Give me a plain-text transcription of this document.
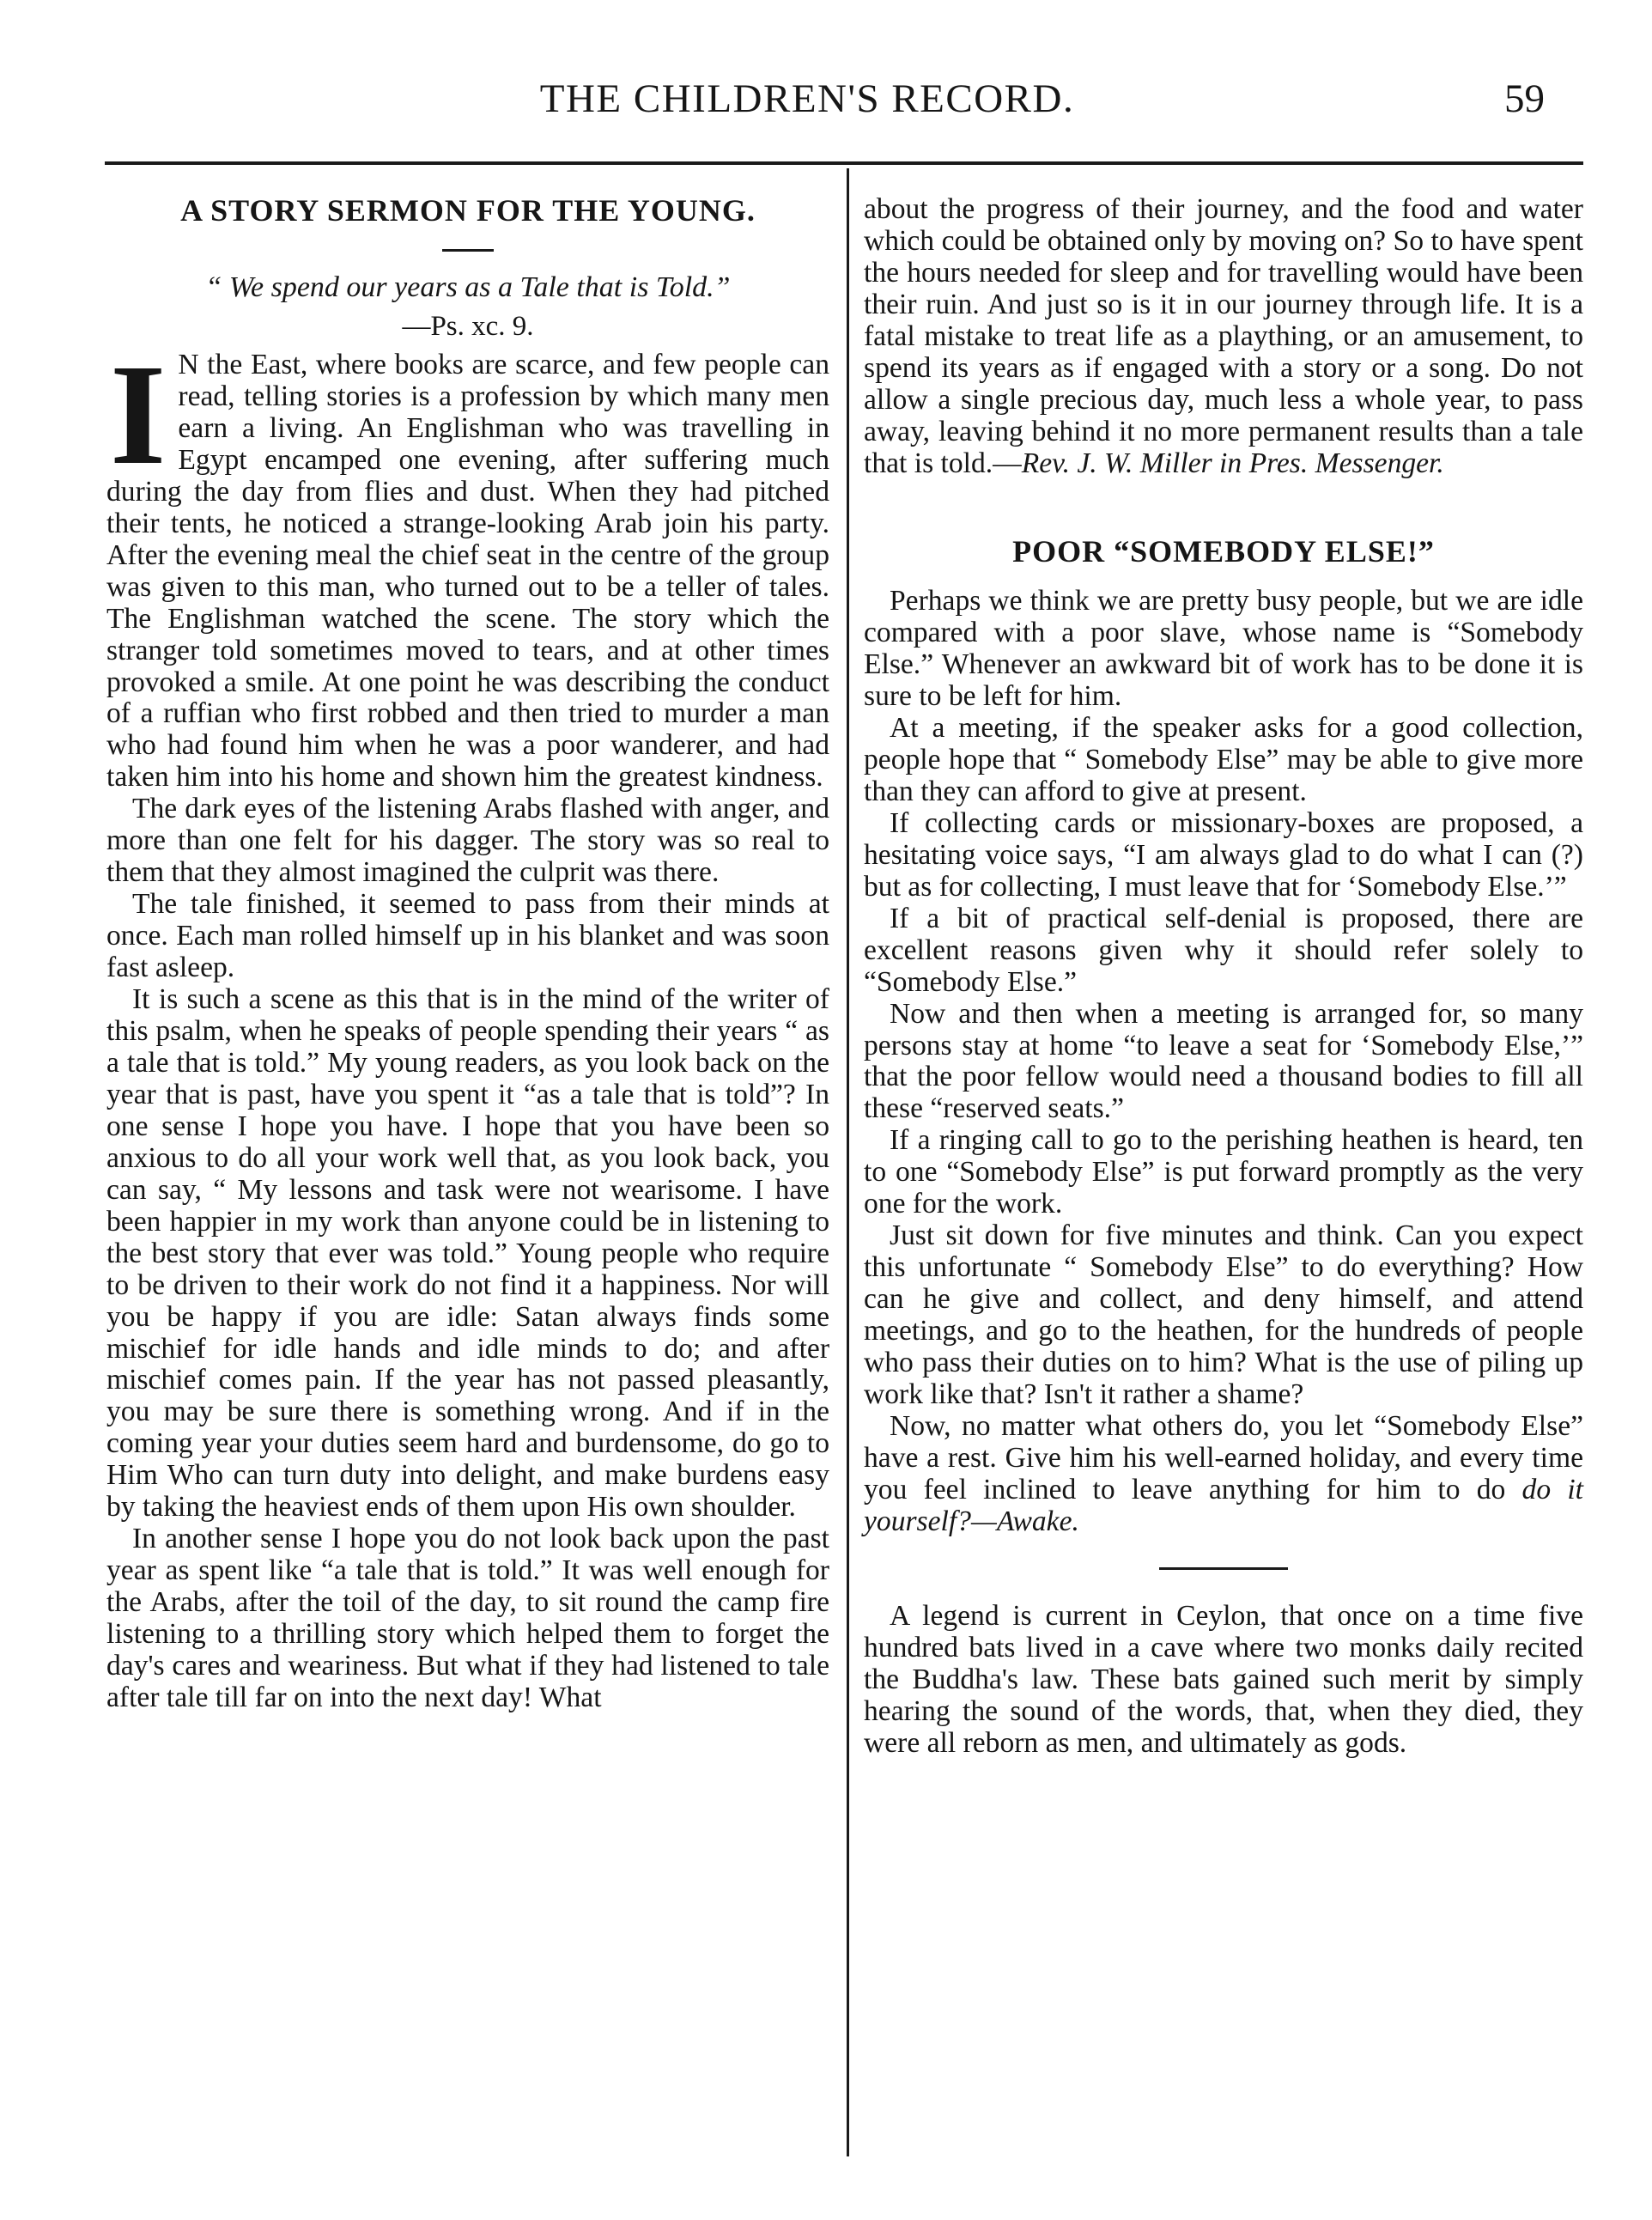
THE CHILDREN'S RECORD.	59
A STORY SERMON FOR THE YOUNG.

“ We spend our years as a Tale that is Told.”

—Ps. xc. 9.

I N the East, where books are scarce, and few people can read, telling stories is a profession by which many men earn a living. An Englishman who was travelling in Egypt encamped one evening, after suffering much during the day from flies and dust. When they had pitched their tents, he noticed a strange-looking Arab join his party. After the evening meal the chief seat in the centre of the group was given to this man, who turned out to be a teller of tales. The Englishman watched the scene. The story which the stranger told sometimes moved to tears, and at other times provoked a smile. At one point he was describing the conduct of a ruffian who first robbed and then tried to murder a man who had found him when he was a poor wanderer, and had taken him into his home and shown him the greatest kindness.

The dark eyes of the listening Arabs flashed with anger, and more than one felt for his dagger. The story was so real to them that they almost imagined the culprit was there.

The tale finished, it seemed to pass from their minds at once. Each man rolled himself up in his blanket and was soon fast asleep.

It is such a scene as this that is in the mind of the writer of this psalm, when he speaks of people spending their years “ as a tale that is told.” My young readers, as you look back on the year that is past, have you spent it “as a tale that is told”? In one sense I hope you have. I hope that you have been so anxious to do all your work well that, as you look back, you can say, “ My lessons and task were not wearisome. I have been happier in my work than anyone could be in listening to the best story that ever was told.” Young people who require to be driven to their work do not find it a happiness. Nor will you be happy if you are idle: Satan always finds some mischief for idle hands and idle minds to do; and after mischief comes pain. If the year has not passed pleasantly, you may be sure there is something wrong. And if in the coming year your duties seem hard and burdensome, do go to Him Who can turn duty into delight, and make burdens easy by taking the heaviest ends of them upon His own shoulder.

In another sense I hope you do not look back upon the past year as spent like “a tale that is told.” It was well enough for the Arabs, after the toil of the day, to sit round the camp fire listening to a thrilling story which helped them to forget the day's cares and weariness. But what if they had listened to tale after tale till far on into the next day! What

about the progress of their journey, and the food and water which could be obtained only by moving on? So to have spent the hours needed for sleep and for travelling would have been their ruin. And just so is it in our journey through life. It is a fatal mistake to treat life as a plaything, or an amusement, to spend its years as if engaged with a story or a song. Do not allow a single precious day, much less a whole year, to pass away, leaving behind it no more permanent results than a tale that is told.—Rev. J. W. Miller in Pres. Messenger.

POOR “SOMEBODY ELSE!”

Perhaps we think we are pretty busy people, but we are idle compared with a poor slave, whose name is “Somebody Else.” Whenever an awkward bit of work has to be done it is sure to be left for him.

At a meeting, if the speaker asks for a good collection, people hope that “ Somebody Else” may be able to give more than they can afford to give at present.

If collecting cards or missionary-boxes are proposed, a hesitating voice says, “I am always glad to do what I can (?) but as for collecting, I must leave that for ‘Somebody Else.’”

If a bit of practical self-denial is proposed, there are excellent reasons given why it should refer solely to “Somebody Else.”

Now and then when a meeting is arranged for, so many persons stay at home “to leave a seat for ‘Somebody Else,’” that the poor fellow would need a thousand bodies to fill all these “reserved seats.”

If a ringing call to go to the perishing heathen is heard, ten to one “Somebody Else” is put forward promptly as the very one for the work.

Just sit down for five minutes and think. Can you expect this unfortunate “ Somebody Else” to do everything? How can he give and collect, and deny himself, and attend meetings, and go to the heathen, for the hundreds of people who pass their duties on to him? What is the use of piling up work like that? Isn't it rather a shame?

Now, no matter what others do, you let “Somebody Else” have a rest. Give him his well-earned holiday, and every time you feel inclined to leave anything for him to do do it yourself?—Awake.

A legend is current in Ceylon, that once on a time five hundred bats lived in a cave where two monks daily recited the Buddha's law. These bats gained such merit by simply hearing the sound of the words, that, when they died, they were all reborn as men, and ultimately as gods.
